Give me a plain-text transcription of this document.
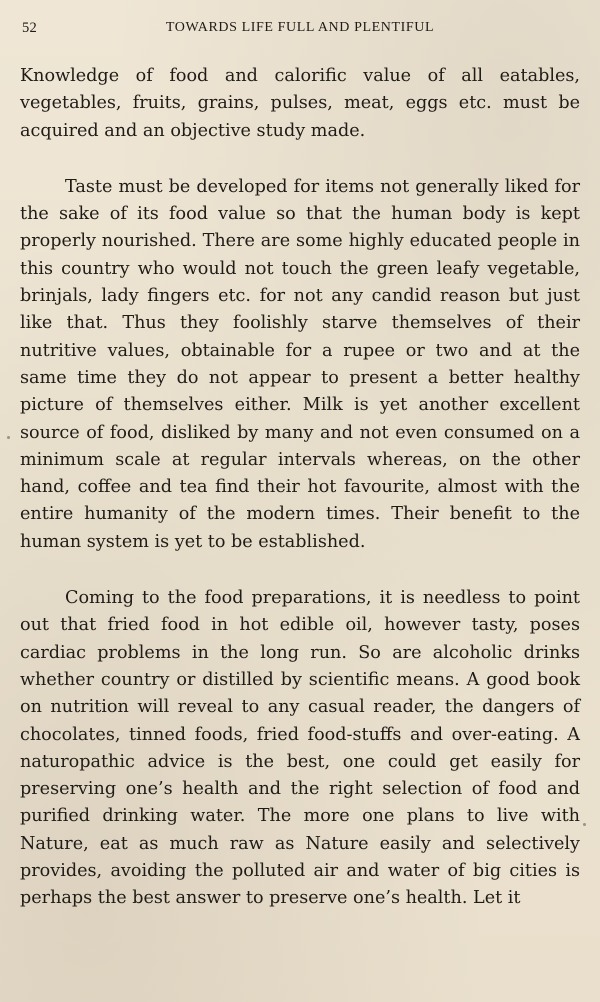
52	TOWARDS LIFE FULL AND PLENTIFUL

Knowledge of food and calorific value of all eatables, vegetables, fruits, grains, pulses, meat, eggs etc. must be acquired and an objective study made.

Taste must be developed for items not generally liked for the sake of its food value so that the human body is kept properly nourished. There are some highly educated people in this country who would not touch the green leafy vegetable, brinjals, lady fingers etc. for not any candid reason but just like that. Thus they foolishly starve themselves of their nutritive values, obtainable for a rupee or two and at the same time they do not appear to present a better healthy picture of themselves either. Milk is yet another excellent source of food, disliked by many and not even consumed on a minimum scale at regular intervals whereas, on the other hand, coffee and tea find their hot favourite, almost with the entire humanity of the modern times. Their benefit to the human system is yet to be established.

Coming to the food preparations, it is needless to point out that fried food in hot edible oil, however tasty, poses cardiac problems in the long run. So are alcoholic drinks whether country or distilled by scientific means. A good book on nutrition will reveal to any casual reader, the dangers of chocolates, tinned foods, fried food-stuffs and over-eating. A naturopathic advice is the best, one could get easily for preserving one’s health and the right selection of food and purified drinking water. The more one plans to live with Nature, eat as much raw as Nature easily and selectively provides, avoiding the polluted air and water of big cities is perhaps the best answer to preserve one’s health. Let it
